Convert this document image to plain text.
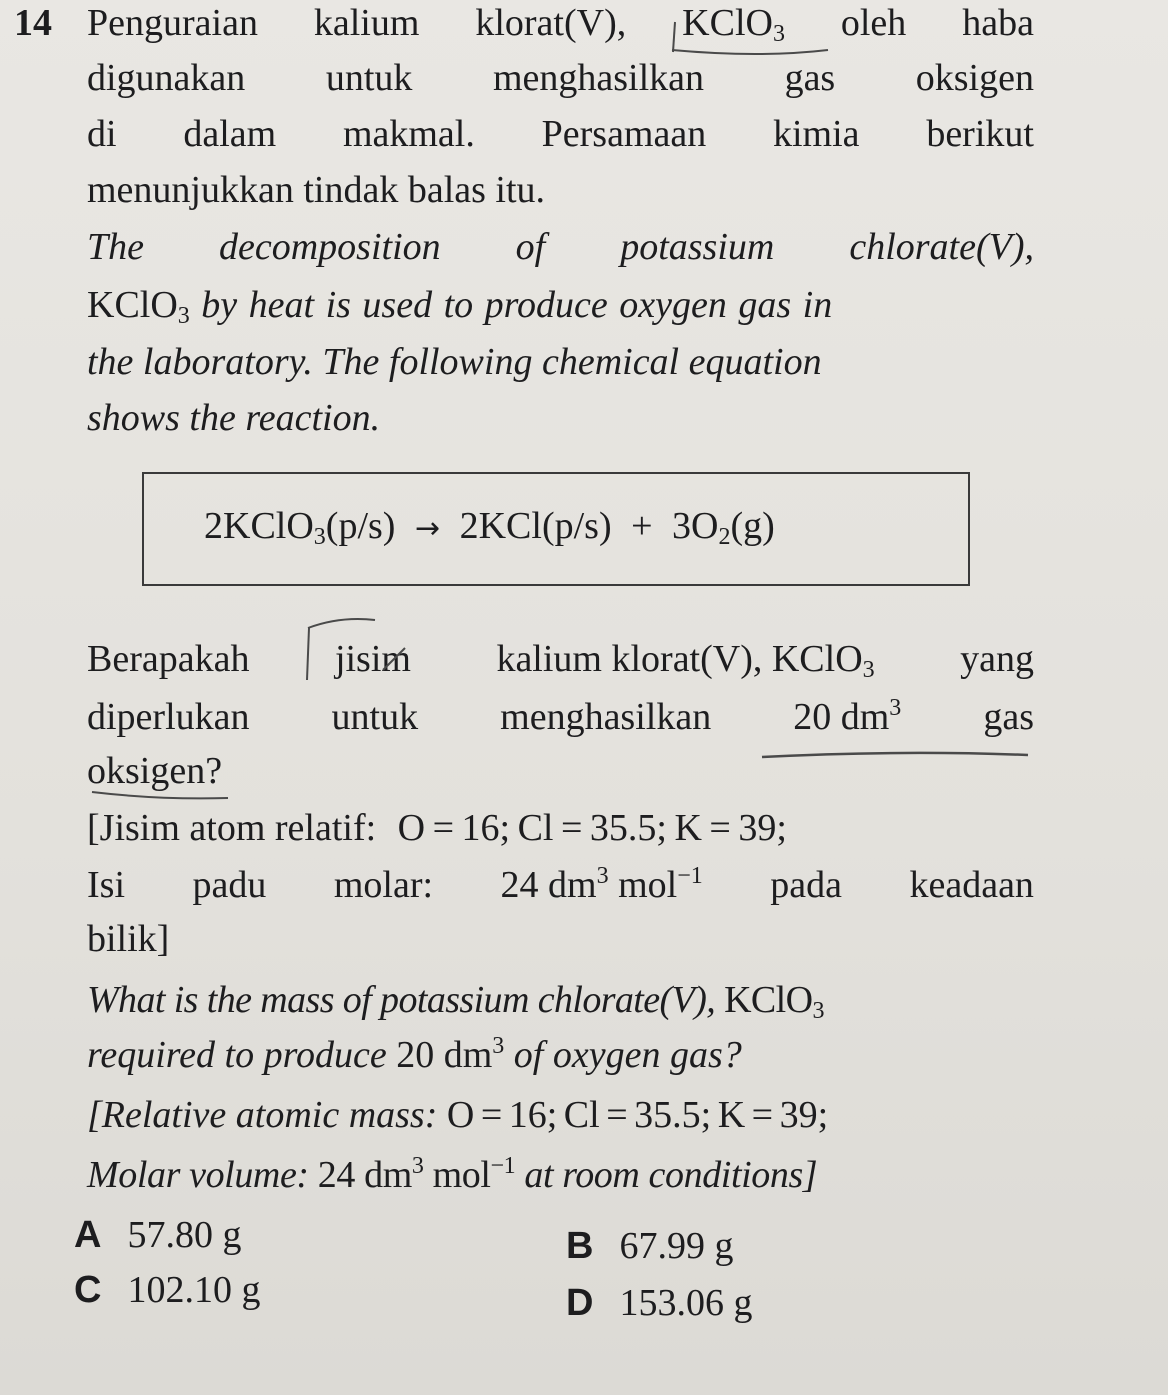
14 Penguraian kalium klorat(V), KClO$_3$ oleh haba
digunakan untuk menghasilkan gas oksigen
di dalam makmal. Persamaan kimia berikut
menunjukkan tindak balas itu.
The decomposition of potassium chlorate(V),
KClO$_3$ by heat is used to produce oxygen gas in
the laboratory. The following chemical equation
shows the reaction.
2KClO$_3$(p/s) → $2KCl(p/s) + 3O_2(g)$
Berapakah jisim kalium klorat(V), KClO$_3$ yang
diperlukan untuk menghasilkan 20 $dm^3$ gas
oksigen?
[Jisim atom relatif: O = 16; Cl = 35.5; K = 39;
Isi padu molar: 24 $dm^3$ mol$^{-1}$ pada keadaan
bilik]
What is the mass of potassium chlorate(V), KClO$_3$
required to produce 20 $dm^3$ of oxygen gas?
[Relative atomic mass: O = 16; Cl = 35.5; K = 39;
Molar volume: 24 $dm^3$ mol$^{-1}$ at room conditions]
A 57.80 g	B 67.99 g
C 102.10 g	D 153.06 g
